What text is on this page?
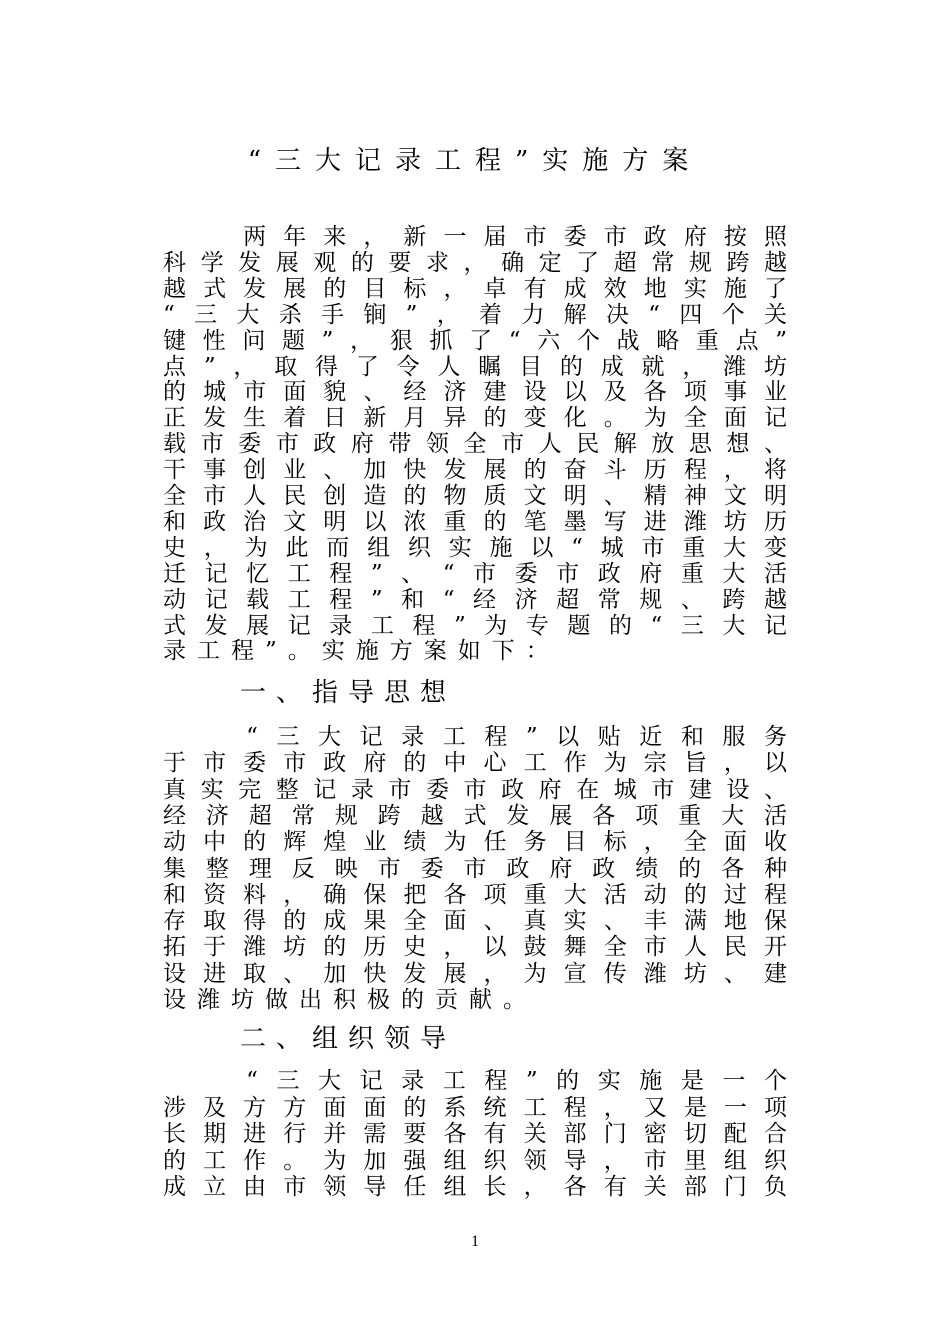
“三大记录工程”实施方案
　　两年来，新一届市委市政府按照
科学发展观的要求，确定了超常规跨越
越式发展的目标，卓有成效地实施了
“三大杀手锏”，着力解决“四个关
键性问题”，狠抓了“六个战略重点”
点”，取得了令人瞩目的成就，潍坊
的城市面貌、经济建设以及各项事业
正发生着日新月异的变化。为全面记
载市委市政府带领全市人民解放思想、
干事创业、加快发展的奋斗历程，将
全市人民创造的物质文明、精神文明
和政治文明以浓重的笔墨写进潍坊历
史，为此而组织实施以“城市重大变
迁记忆工程”、“市委市政府重大活
动记载工程”和“经济超常规、跨越
式发展记录工程”为专题的“三大记
录工程”。实施方案如下：
一、指导思想
　　“三大记录工程”以贴近和服务
于市委市政府的中心工作为宗旨，以
真实完整记录市委市政府在城市建设、
经济超常规跨越式发展各项重大活
动中的辉煌业绩为任务目标，全面收
集整理反映市委市政府政绩的各种
和资料，确保把各项重大活动的过程
存取得的成果全面、真实、丰满地保
拓于潍坊的历史，以鼓舞全市人民开
设进取、加快发展，为宣传潍坊、建
设潍坊做出积极的贡献。
二、组织领导
　　“三大记录工程”的实施是一个
涉及方方面面的系统工程，又是一项
长期进行并需要各有关部门密切配合
的工作。为加强组织领导，市里组织
成立由市领导任组长，各有关部门负
1
